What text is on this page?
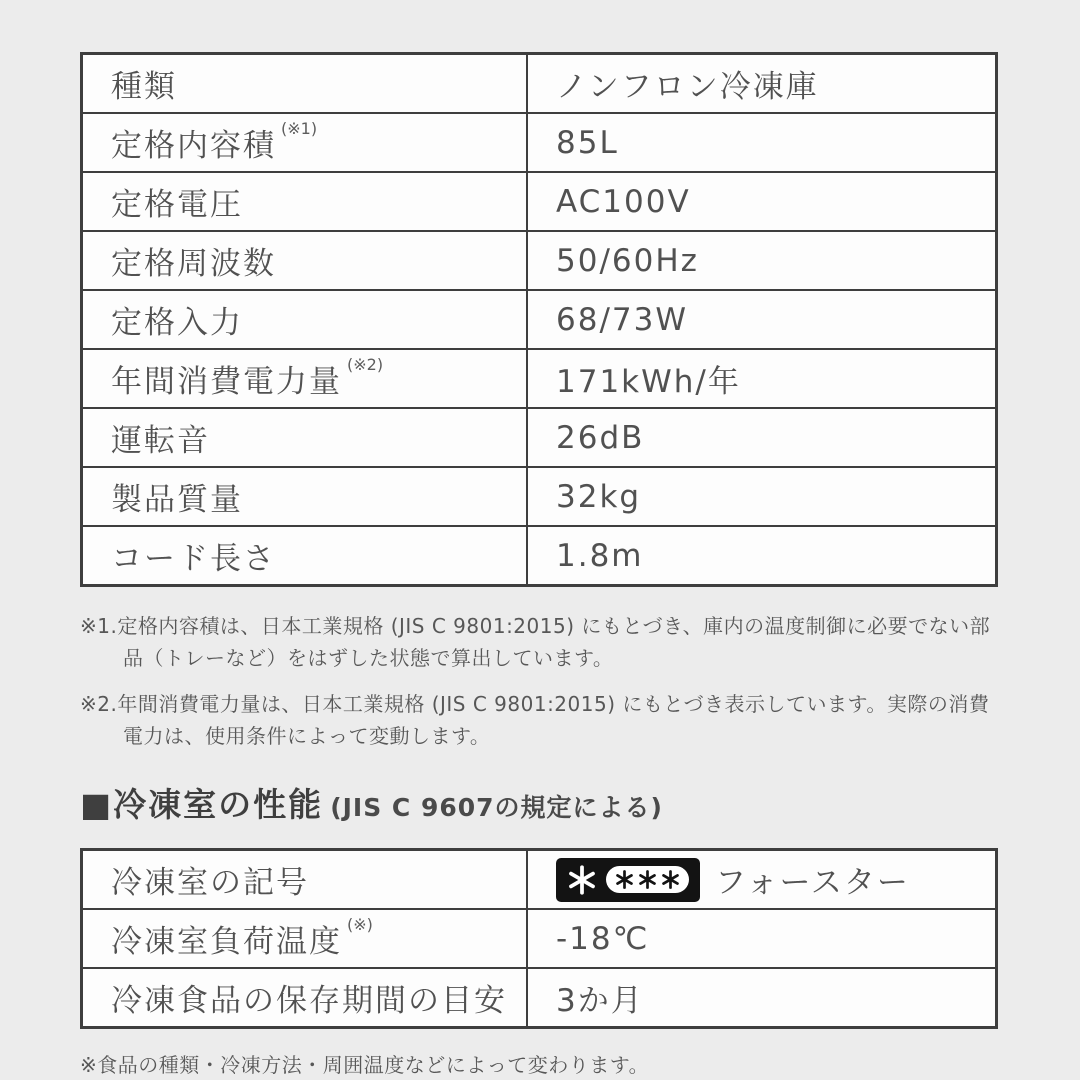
種類	ノンフロン冷凍庫
定格内容積 $^{(※1)}$	85L
定格電圧	AC100V
定格周波数	50/60Hz
定格入力	68/73W
年間消費電力量 $^{(※2)}$	171kWh/年
運転音	26dB
製品質量	32kg
コード長さ	1.8m

※1.定格内容積は、日本工業規格 (JIS C 9801:2015) にもとづき、庫内の温度制御に必要でない部品（トレーなど）をはずした状態で算出しています。

※2.年間消費電力量は、日本工業規格 (JIS C 9801:2015) にもとづき表示しています。実際の消費電力は、使用条件によって変動します。

■冷凍室の性能 (JIS C 9607の規定による)
冷凍室の記号	フォースター

冷凍室負荷温度 (※)	-18℃
冷凍食品の保存期間の目安	3か月
※食品の種類・冷凍方法・周囲温度などによって変わります。
